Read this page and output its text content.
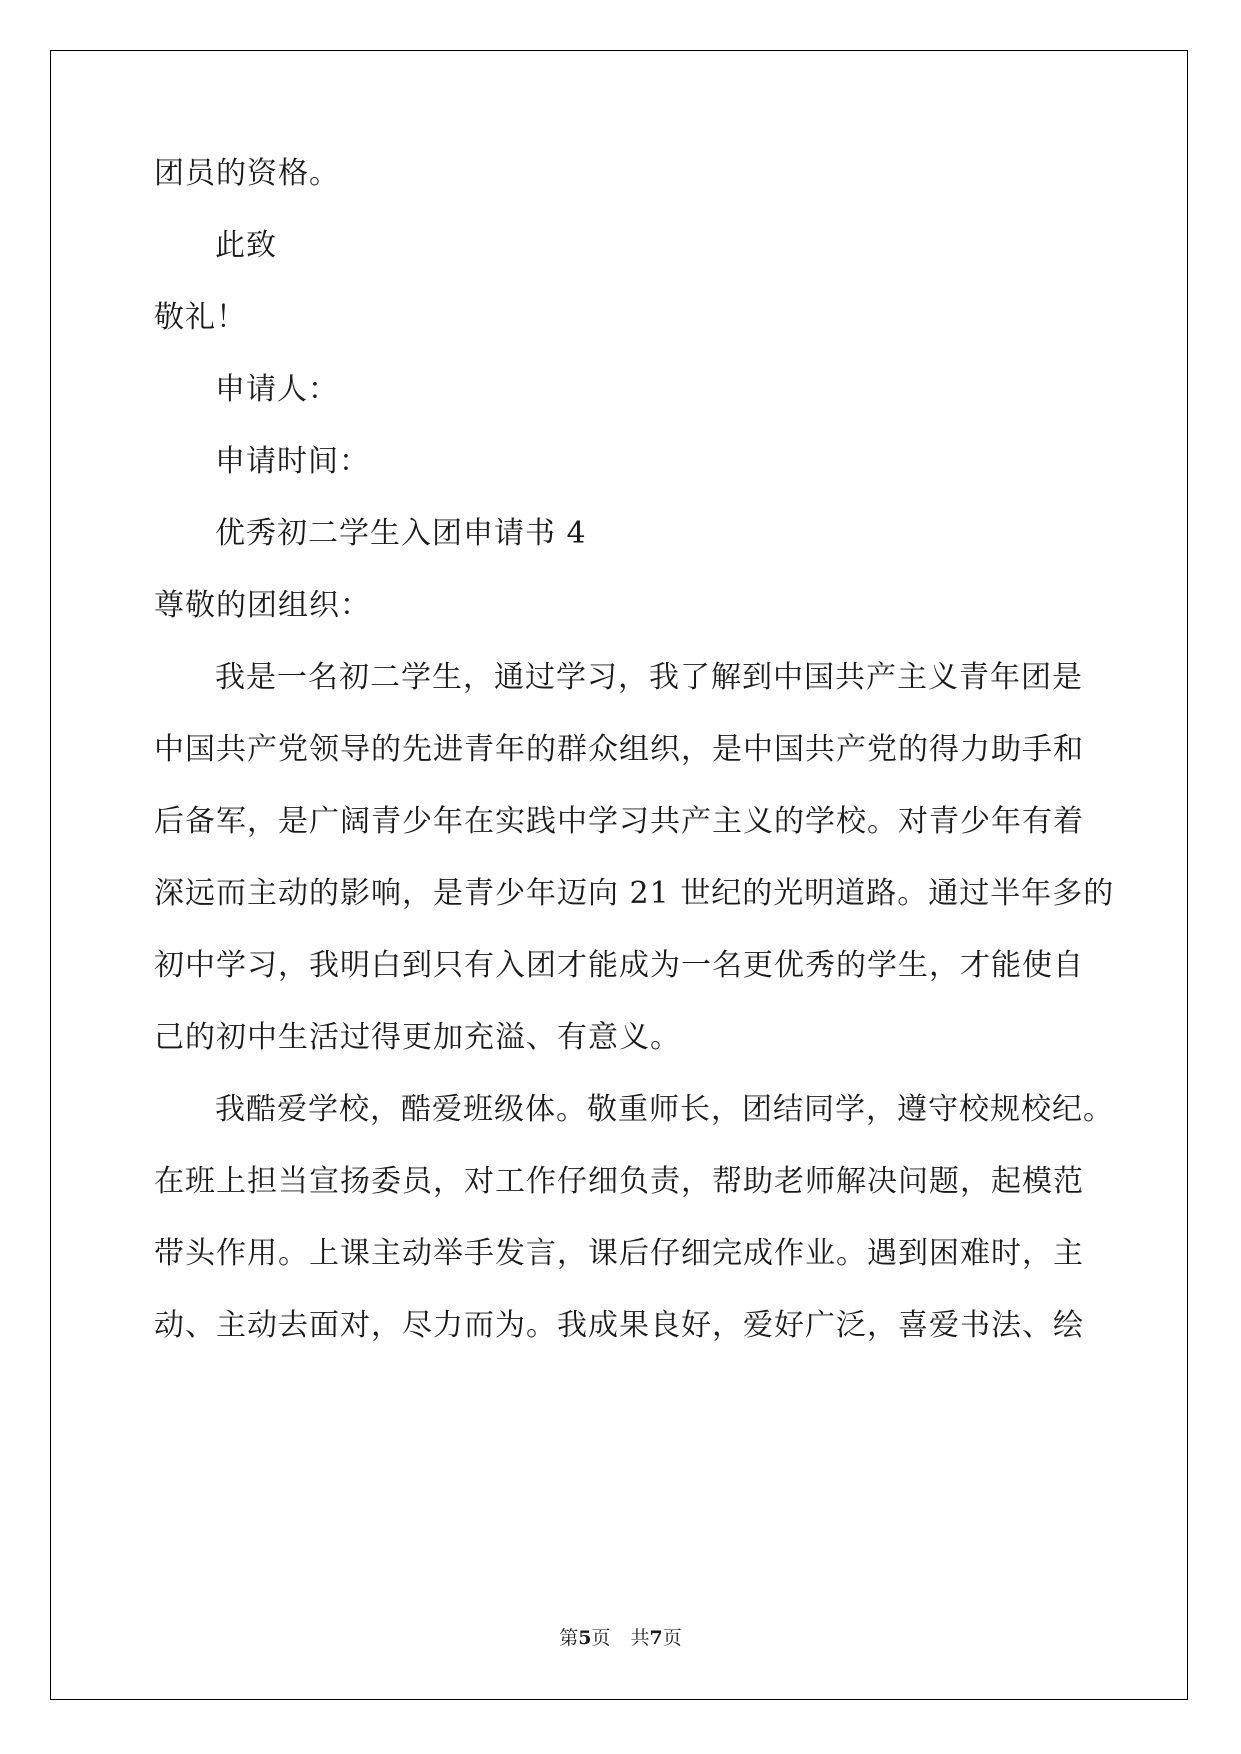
团员的资格。
此致
敬礼！
申请人：
申请时间：
优秀初二学生入团申请书 4
尊敬的团组织：
我是一名初二学生，通过学习，我了解到中国共产主义青年团是
中国共产党领导的先进青年的群众组织，是中国共产党的得力助手和
后备军，是广阔青少年在实践中学习共产主义的学校。对青少年有着
深远而主动的影响，是青少年迈向 21 世纪的光明道路。通过半年多的
初中学习，我明白到只有入团才能成为一名更优秀的学生，才能使自
己的初中生活过得更加充溢、有意义。
我酷爱学校，酷爱班级体。敬重师长，团结同学，遵守校规校纪。
在班上担当宣扬委员，对工作仔细负责，帮助老师解决问题，起模范
带头作用。上课主动举手发言，课后仔细完成作业。遇到困难时，主
动、主动去面对，尽力而为。我成果良好，爱好广泛，喜爱书法、绘
第5页 共7页
